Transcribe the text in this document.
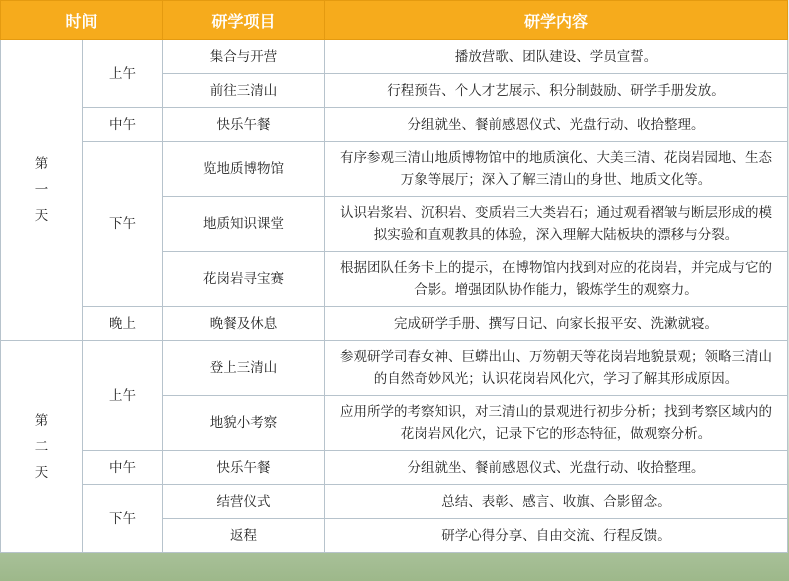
时间		研学项目	研学内容
第一天	上午	集合与开营	播放营歌、团队建设、学员宣誓。
		前往三清山	行程预告、个人才艺展示、积分制鼓励、研学手册发放。
	中午	快乐午餐	分组就坐、餐前感恩仪式、光盘行动、收拾整理。
	下午	览地质博物馆	有序参观三清山地质博物馆中的地质演化、大美三清、花岗岩园地、生态万象等展厅；深入了解三清山的身世、地质文化等。
		地质知识课堂	认识岩浆岩、沉积岩、变质岩三大类岩石；通过观看褶皱与断层形成的模拟实验和直观教具的体验，深入理解大陆板块的漂移与分裂。
		花岗岩寻宝赛	根据团队任务卡上的提示，在博物馆内找到对应的花岗岩，并完成与它的合影。增强团队协作能力，锻炼学生的观察力。
	晚上	晚餐及休息	完成研学手册、撰写日记、向家长报平安、洗漱就寝。
第二天	上午	登上三清山	参观研学司春女神、巨蟒出山、万笏朝天等花岗岩地貌景观；领略三清山的自然奇妙风光；认识花岗岩风化穴，学习了解其形成原因。
		地貌小考察	应用所学的考察知识，对三清山的景观进行初步分析；找到考察区域内的花岗岩风化穴，记录下它的形态特征，做观察分析。
	中午	快乐午餐	分组就坐、餐前感恩仪式、光盘行动、收拾整理。
	下午	结营仪式	总结、表彰、感言、收旗、合影留念。
		返程	研学心得分享、自由交流、行程反馈。
